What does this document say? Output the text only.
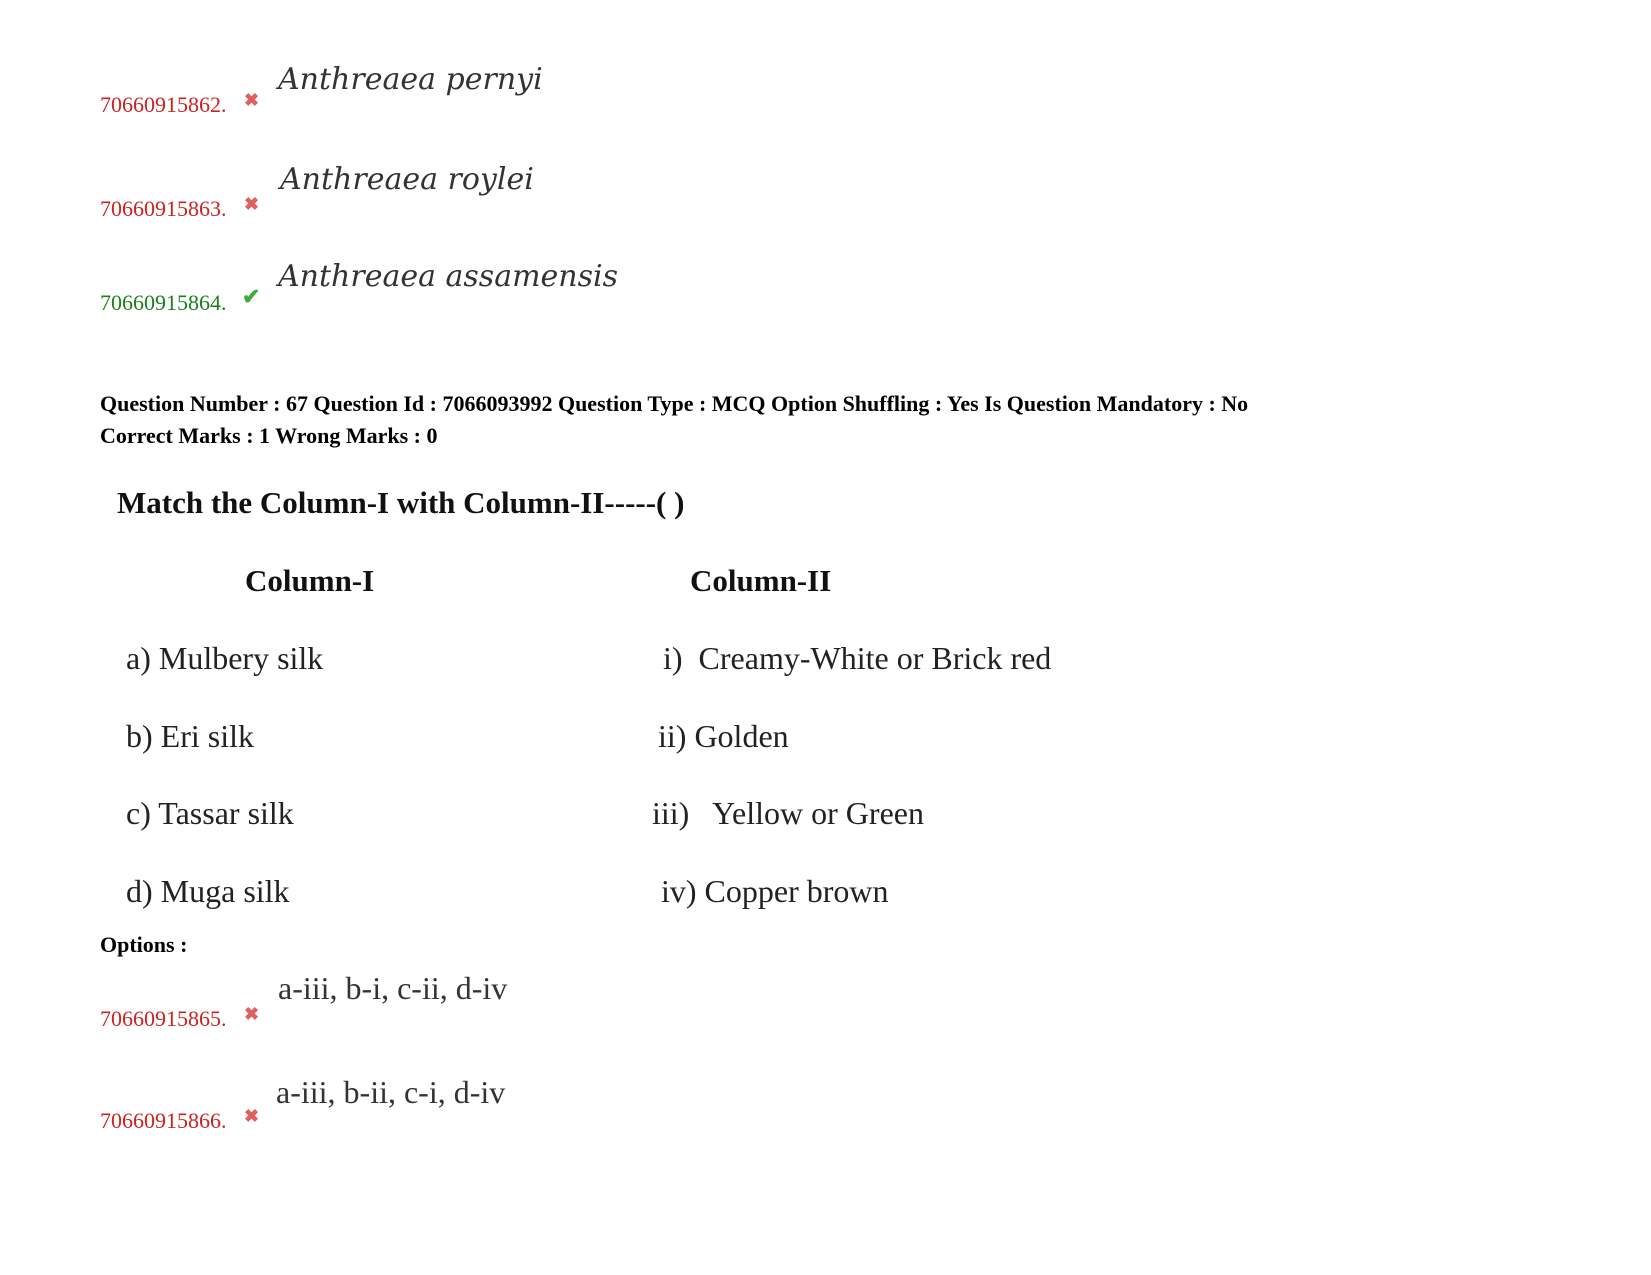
70660915862. ✖
Anthreaea pernyi
70660915863. ✖
Anthreaea roylei
70660915864. ✔
Anthreaea assamensis
Question Number : 67 Question Id : 7066093992 Question Type : MCQ Option Shuffling : Yes Is Question Mandatory : No
Correct Marks : 1 Wrong Marks : 0
Match the Column-I with Column-II-----( )
Column-I	Column-II
a) Mulbery silk
b) Eri silk
c) Tassar silk
d) Muga silk
i)  Creamy-White or Brick red
ii) Golden
iii)   Yellow or Green
iv) Copper brown
Options :
70660915865. ✖
a-iii, b-i, c-ii, d-iv
70660915866. ✖
a-iii, b-ii, c-i, d-iv
